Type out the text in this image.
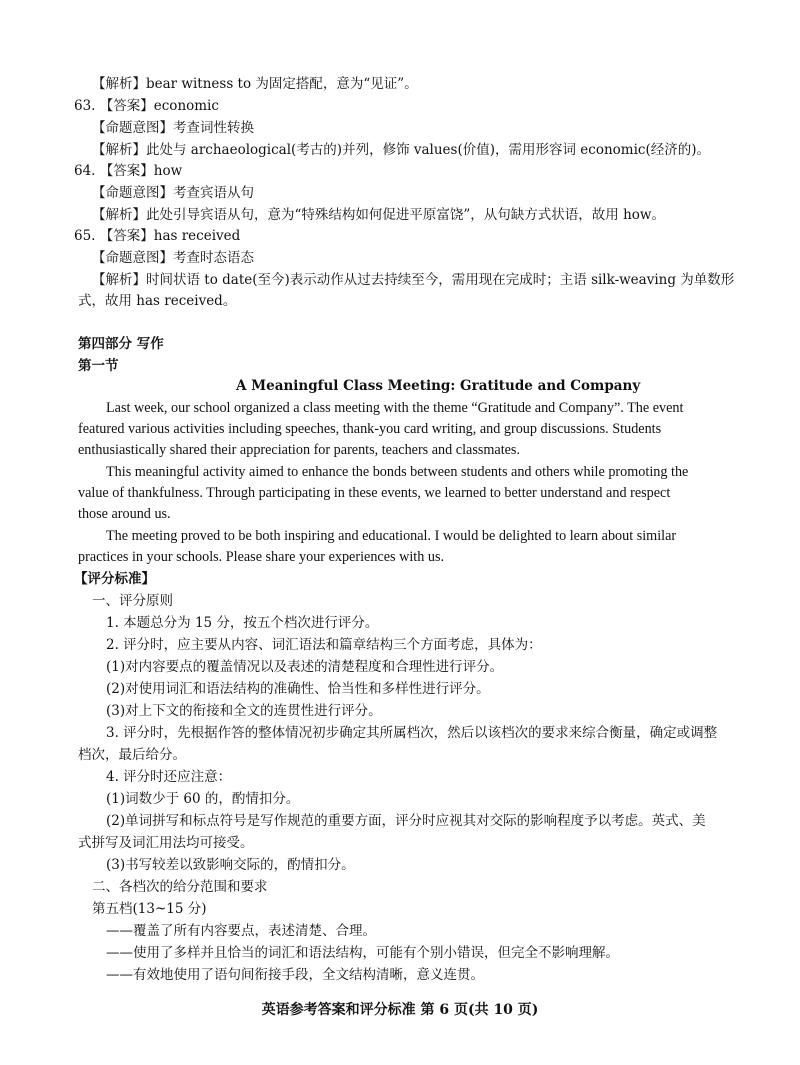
【解析】bear witness to 为固定搭配，意为“见证”。
63. 【答案】economic
【命题意图】考查词性转换
【解析】此处与 archaeological(考古的)并列，修饰 values(价值)，需用形容词 economic(经济的)。
64. 【答案】how
【命题意图】考查宾语从句
【解析】此处引导宾语从句，意为“特殊结构如何促进平原富饶”，从句缺方式状语，故用 how。
65. 【答案】has received
【命题意图】考查时态语态
【解析】时间状语 to date(至今)表示动作从过去持续至今，需用现在完成时；主语 silk-weaving 为单数形
式，故用 has received。
第四部分 写作
第一节
A Meaningful Class Meeting: Gratitude and Company
Last week, our school organized a class meeting with the theme “Gratitude and Company”. The event
featured various activities including speeches, thank-you card writing, and group discussions. Students
enthusiastically shared their appreciation for parents, teachers and classmates.
This meaningful activity aimed to enhance the bonds between students and others while promoting the
value of thankfulness. Through participating in these events, we learned to better understand and respect
those around us.
The meeting proved to be both inspiring and educational. I would be delighted to learn about similar
practices in your schools. Please share your experiences with us.
【评分标准】
一、评分原则
1. 本题总分为 15 分，按五个档次进行评分。
2. 评分时，应主要从内容、词汇语法和篇章结构三个方面考虑，具体为：
(1)对内容要点的覆盖情况以及表述的清楚程度和合理性进行评分。
(2)对使用词汇和语法结构的准确性、恰当性和多样性进行评分。
(3)对上下文的衔接和全文的连贯性进行评分。
3. 评分时，先根据作答的整体情况初步确定其所属档次，然后以该档次的要求来综合衡量，确定或调整
档次，最后给分。
4. 评分时还应注意：
(1)词数少于 60 的，酌情扣分。
(2)单词拼写和标点符号是写作规范的重要方面，评分时应视其对交际的影响程度予以考虑。英式、美
式拼写及词汇用法均可接受。
(3)书写较差以致影响交际的，酌情扣分。
二、各档次的给分范围和要求
第五档(13~15 分)
——覆盖了所有内容要点，表述清楚、合理。
——使用了多样并且恰当的词汇和语法结构，可能有个别小错误，但完全不影响理解。
——有效地使用了语句间衔接手段，全文结构清晰，意义连贯。
英语参考答案和评分标准 第 6 页(共 10 页)
